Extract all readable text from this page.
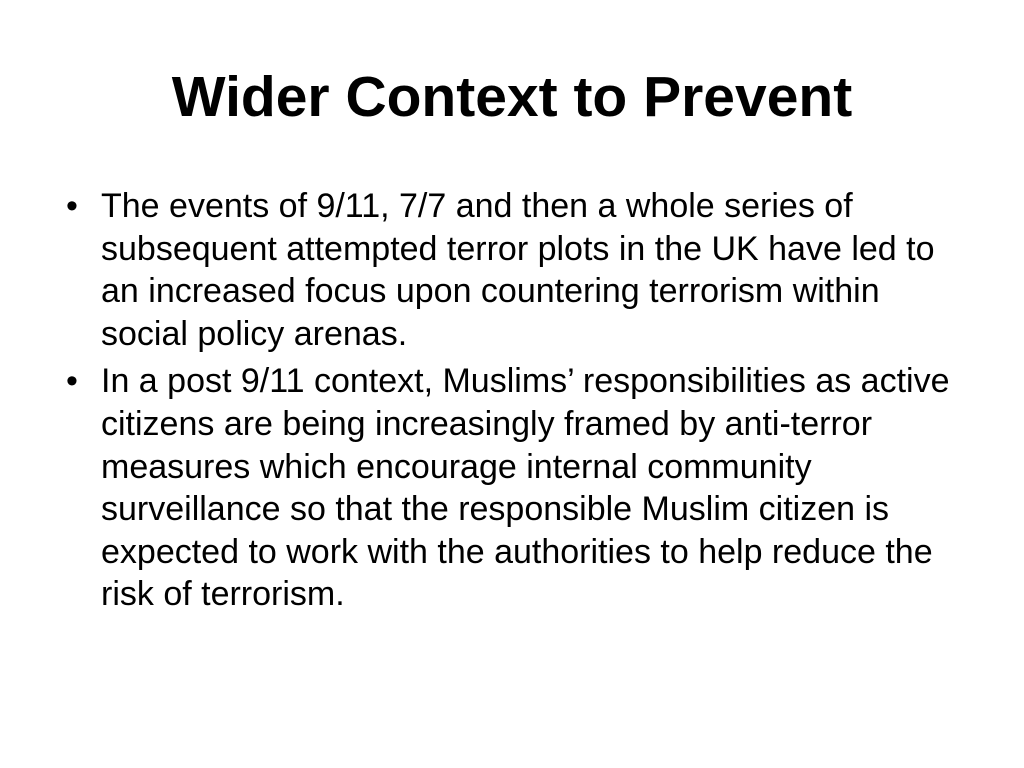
Wider Context to Prevent
• The events of 9/11, 7/7 and then a whole series of subsequent attempted terror plots in the UK have led to an increased focus upon countering terrorism within social policy arenas.
• In a post 9/11 context, Muslims’ responsibilities as active citizens are being increasingly framed by anti-terror measures which encourage internal community surveillance so that the responsible Muslim citizen is expected to work with the authorities to help reduce the risk of terrorism.
